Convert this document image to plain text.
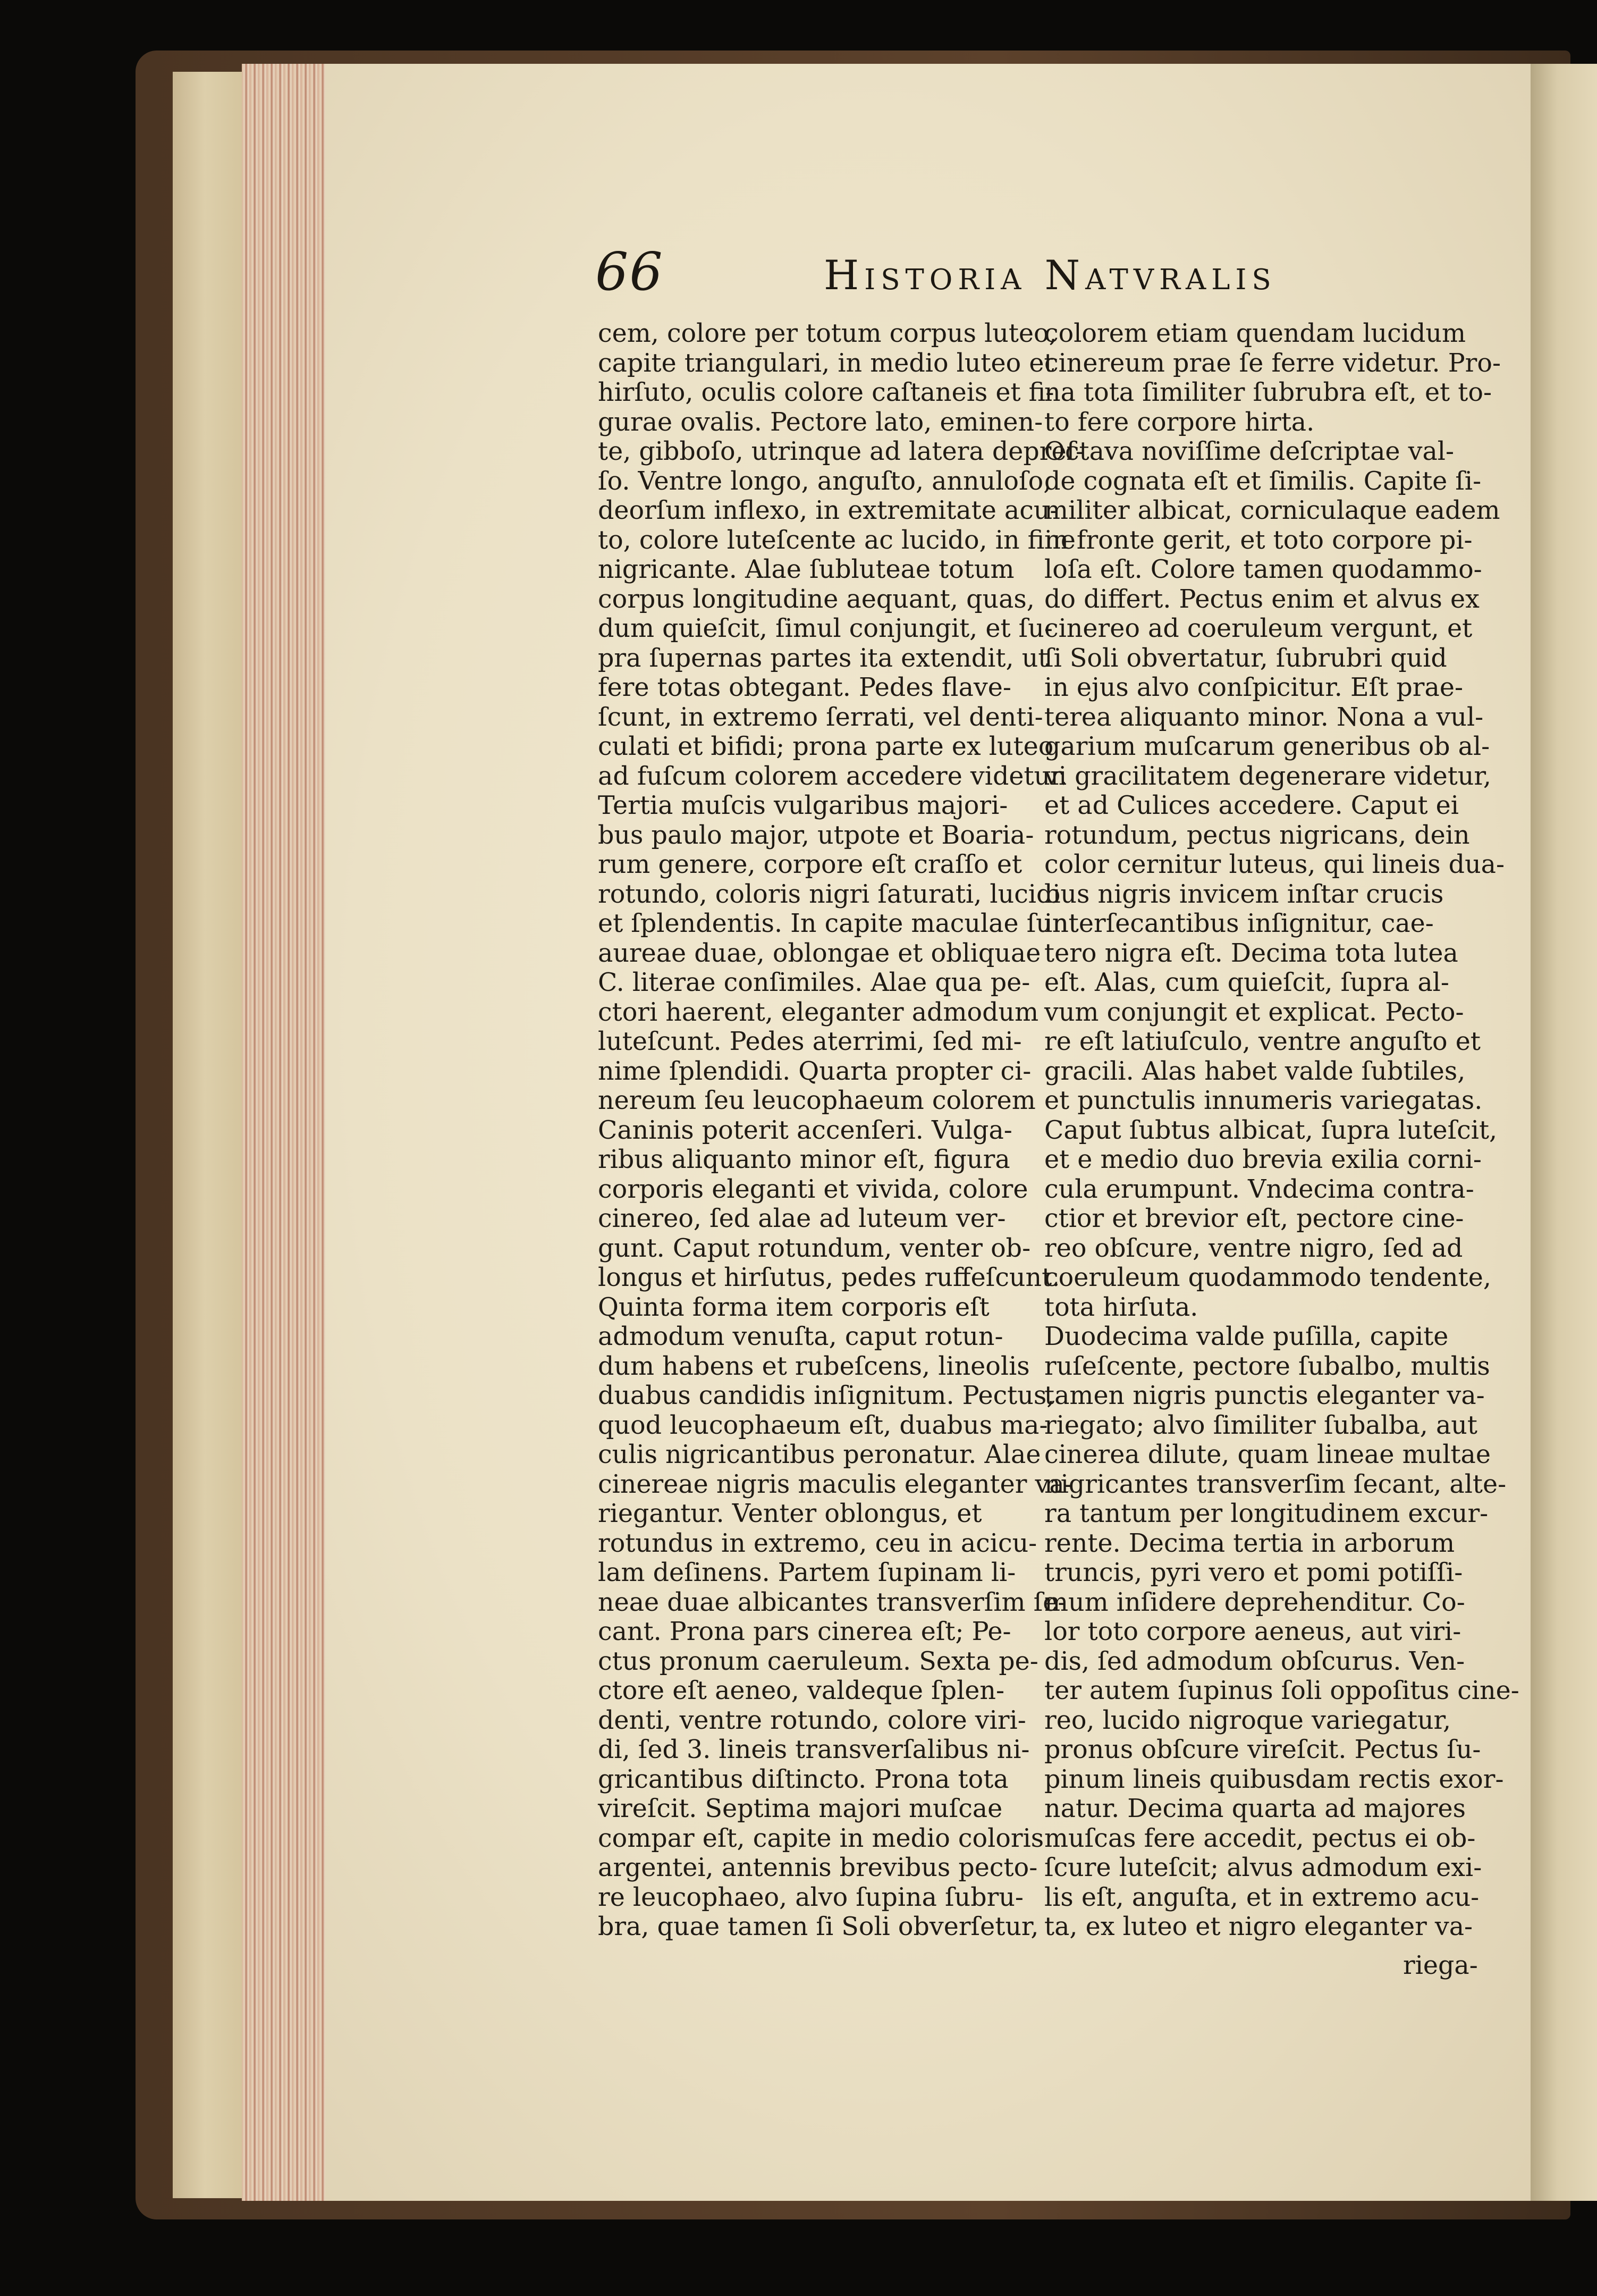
66	Historia Natvralis
cem, colore per totum corpus luteo,
capite triangulari, in medio luteo et
hirſuto, oculis colore caſtaneis et fi-
gurae ovalis. Pectore lato, eminen-
te, gibboſo, utrinque ad latera depreſ-
ſo. Ventre longo, anguſto, annuloſo,
deorſum inflexo, in extremitate acu-
to, colore luteſcente ac lucido, in fine
nigricante. Alae ſubluteae totum
corpus longitudine aequant, quas,
dum quieſcit, ſimul conjungit, et ſu-
pra ſupernas partes ita extendit, ut
fere totas obtegant. Pedes flave-
ſcunt, in extremo ſerrati, vel denti-
culati et bifidi; prona parte ex luteo
ad fuſcum colorem accedere videtur.
Tertia muſcis vulgaribus majori-
bus paulo major, utpote et Boaria-
rum genere, corpore eſt craſſo et
rotundo, coloris nigri ſaturati, lucidi
et ſplendentis. In capite maculae ſunt
aureae duae, oblongae et obliquae
C. literae conſimiles. Alae qua pe-
ctori haerent, eleganter admodum
luteſcunt. Pedes aterrimi, ſed mi-
nime ſplendidi. Quarta propter ci-
nereum ſeu leucophaeum colorem
Caninis poterit accenſeri. Vulga-
ribus aliquanto minor eſt, figura
corporis eleganti et vivida, colore
cinereo, ſed alae ad luteum ver-
gunt. Caput rotundum, venter ob-
longus et hirſutus, pedes ruffeſcunt.
Quinta forma item corporis eſt
admodum venuſta, caput rotun-
dum habens et rubeſcens, lineolis
duabus candidis inſignitum. Pectus,
quod leucophaeum eſt, duabus ma-
culis nigricantibus peronatur. Alae
cinereae nigris maculis eleganter va-
riegantur. Venter oblongus, et
rotundus in extremo, ceu in acicu-
lam deſinens. Partem ſupinam li-
neae duae albicantes transverſim ſe-
cant. Prona pars cinerea eſt; Pe-
ctus pronum caeruleum. Sexta pe-
ctore eſt aeneo, valdeque ſplen-
denti, ventre rotundo, colore viri-
di, ſed 3. lineis transverſalibus ni-
gricantibus diſtincto. Prona tota
vireſcit. Septima majori muſcae
compar eſt, capite in medio coloris
argentei, antennis brevibus pecto-
re leucophaeo, alvo ſupina ſubru-
bra, quae tamen ſi Soli obverſetur,
colorem etiam quendam lucidum
cinereum prae ſe ferre videtur. Pro-
na tota ſimiliter ſubrubra eſt, et to-
to fere corpore hirta.
Octava noviſſime deſcriptae val-
de cognata eſt et ſimilis. Capite ſi-
militer albicat, corniculaque eadem
in fronte gerit, et toto corpore pi-
loſa eſt. Colore tamen quodammo-
do differt. Pectus enim et alvus ex
cinereo ad coeruleum vergunt, et
ſi Soli obvertatur, ſubrubri quid
in ejus alvo conſpicitur. Eſt prae-
terea aliquanto minor. Nona a vul-
garium muſcarum generibus ob al-
vi gracilitatem degenerare videtur,
et ad Culices accedere. Caput ei
rotundum, pectus nigricans, dein
color cernitur luteus, qui lineis dua-
bus nigris invicem inſtar crucis
interſecantibus inſignitur, cae-
tero nigra eſt. Decima tota lutea
eſt. Alas, cum quieſcit, ſupra al-
vum conjungit et explicat. Pecto-
re eſt latiuſculo, ventre anguſto et
gracili. Alas habet valde ſubtiles,
et punctulis innumeris variegatas.
Caput ſubtus albicat, ſupra luteſcit,
et e medio duo brevia exilia corni-
cula erumpunt. Vndecima contra-
ctior et brevior eſt, pectore cine-
reo obſcure, ventre nigro, ſed ad
coeruleum quodammodo tendente,
tota hirſuta.
Duodecima valde puſilla, capite
ruſeſcente, pectore ſubalbo, multis
tamen nigris punctis eleganter va-
riegato; alvo ſimiliter ſubalba, aut
cinerea dilute, quam lineae multae
nigricantes transverſim ſecant, alte-
ra tantum per longitudinem excur-
rente. Decima tertia in arborum
truncis, pyri vero et pomi potiſſi-
mum inſidere deprehenditur. Co-
lor toto corpore aeneus, aut viri-
dis, ſed admodum obſcurus. Ven-
ter autem ſupinus ſoli oppoſitus cine-
reo, lucido nigroque variegatur,
pronus obſcure vireſcit. Pectus ſu-
pinum lineis quibusdam rectis exor-
natur. Decima quarta ad majores
muſcas fere accedit, pectus ei ob-
ſcure luteſcit; alvus admodum exi-
lis eſt, anguſta, et in extremo acu-
ta, ex luteo et nigro eleganter va-
riega-
